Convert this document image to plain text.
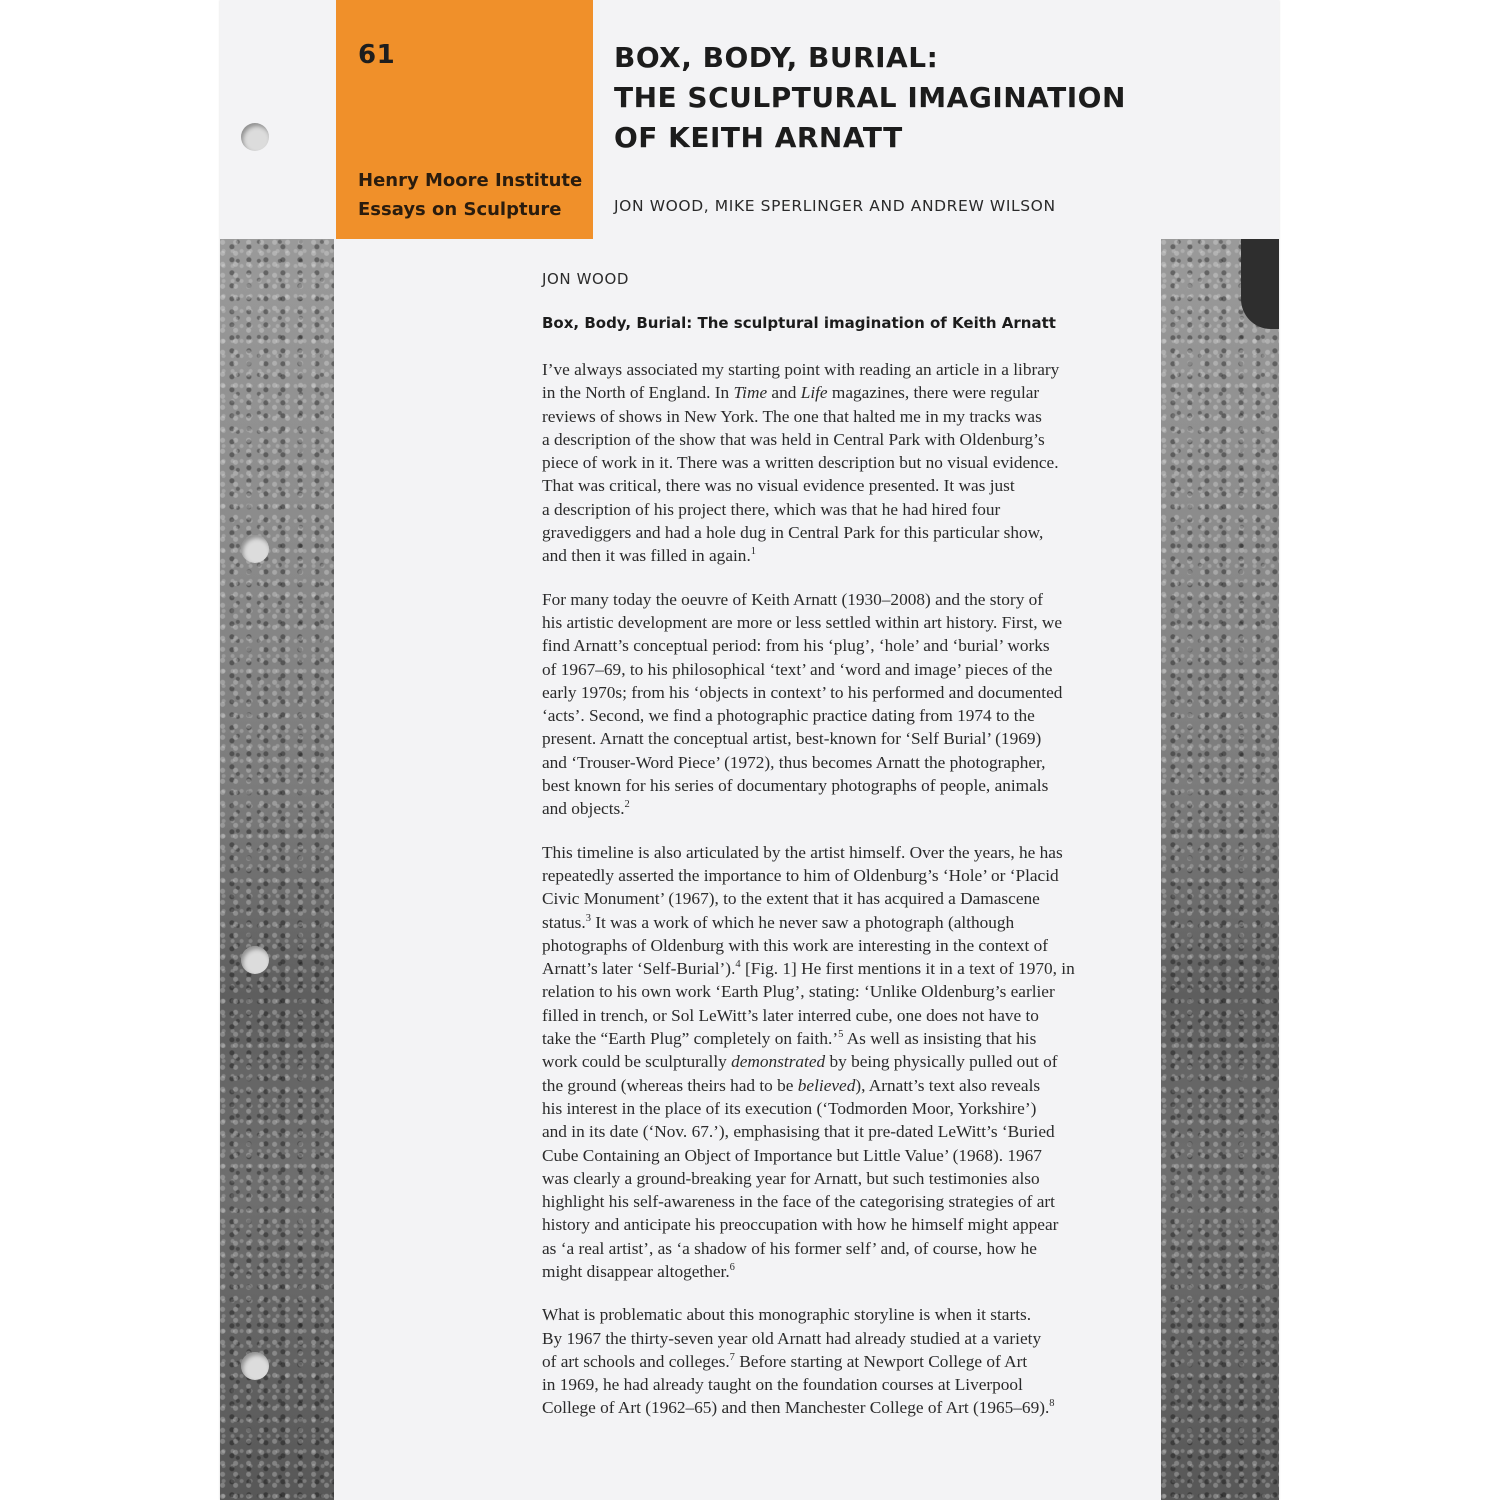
61

Henry Moore Institute
Essays on Sculpture
BOX, BODY, BURIAL:
THE SCULPTURAL IMAGINATION
OF KEITH ARNATT

JON WOOD, MIKE SPERLINGER AND ANDREW WILSON

JON WOOD

Box, Body, Burial: The sculptural imagination of Keith Arnatt

I’ve always associated my starting point with reading an article in a library
in the North of England. In Time and Life magazines, there were regular
reviews of shows in New York. The one that halted me in my tracks was
a description of the show that was held in Central Park with Oldenburg’s
piece of work in it. There was a written description but no visual evidence.
That was critical, there was no visual evidence presented. It was just
a description of his project there, which was that he had hired four
gravediggers and had a hole dug in Central Park for this particular show,
and then it was filled in again.$^1$

For many today the oeuvre of Keith Arnatt (1930–2008) and the story of
his artistic development are more or less settled within art history. First, we
find Arnatt’s conceptual period: from his ‘plug’, ‘hole’ and ‘burial’ works
of 1967–69, to his philosophical ‘text’ and ‘word and image’ pieces of the
early 1970s; from his ‘objects in context’ to his performed and documented
‘acts’. Second, we find a photographic practice dating from 1974 to the
present. Arnatt the conceptual artist, best-known for ‘Self Burial’ (1969)
and ‘Trouser-Word Piece’ (1972), thus becomes Arnatt the photographer,
best known for his series of documentary photographs of people, animals
and objects.$^2$

This timeline is also articulated by the artist himself. Over the years, he has
repeatedly asserted the importance to him of Oldenburg’s ‘Hole’ or ‘Placid
Civic Monument’ (1967), to the extent that it has acquired a Damascene
status.$^3$ It was a work of which he never saw a photograph (although
photographs of Oldenburg with this work are interesting in the context of
Arnatt’s later ‘Self-Burial’).$^4$ [Fig. 1] He first mentions it in a text of 1970, in
relation to his own work ‘Earth Plug’, stating: ‘Unlike Oldenburg’s earlier
filled in trench, or Sol LeWitt’s later interred cube, one does not have to
take the “Earth Plug” completely on faith.’$^5$ As well as insisting that his
work could be sculpturally demonstrated by being physically pulled out of
the ground (whereas theirs had to be believed), Arnatt’s text also reveals
his interest in the place of its execution (‘Todmorden Moor, Yorkshire’)
and in its date (‘Nov. 67.’), emphasising that it pre-dated LeWitt’s ‘Buried
Cube Containing an Object of Importance but Little Value’ (1968). 1967
was clearly a ground-breaking year for Arnatt, but such testimonies also
highlight his self-awareness in the face of the categorising strategies of art
history and anticipate his preoccupation with how he himself might appear
as ‘a real artist’, as ‘a shadow of his former self’ and, of course, how he
might disappear altogether.$^6$

What is problematic about this monographic storyline is when it starts.
By 1967 the thirty-seven year old Arnatt had already studied at a variety
of art schools and colleges.$^7$ Before starting at Newport College of Art
in 1969, he had already taught on the foundation courses at Liverpool
College of Art (1962–65) and then Manchester College of Art (1965–69).$^8$
